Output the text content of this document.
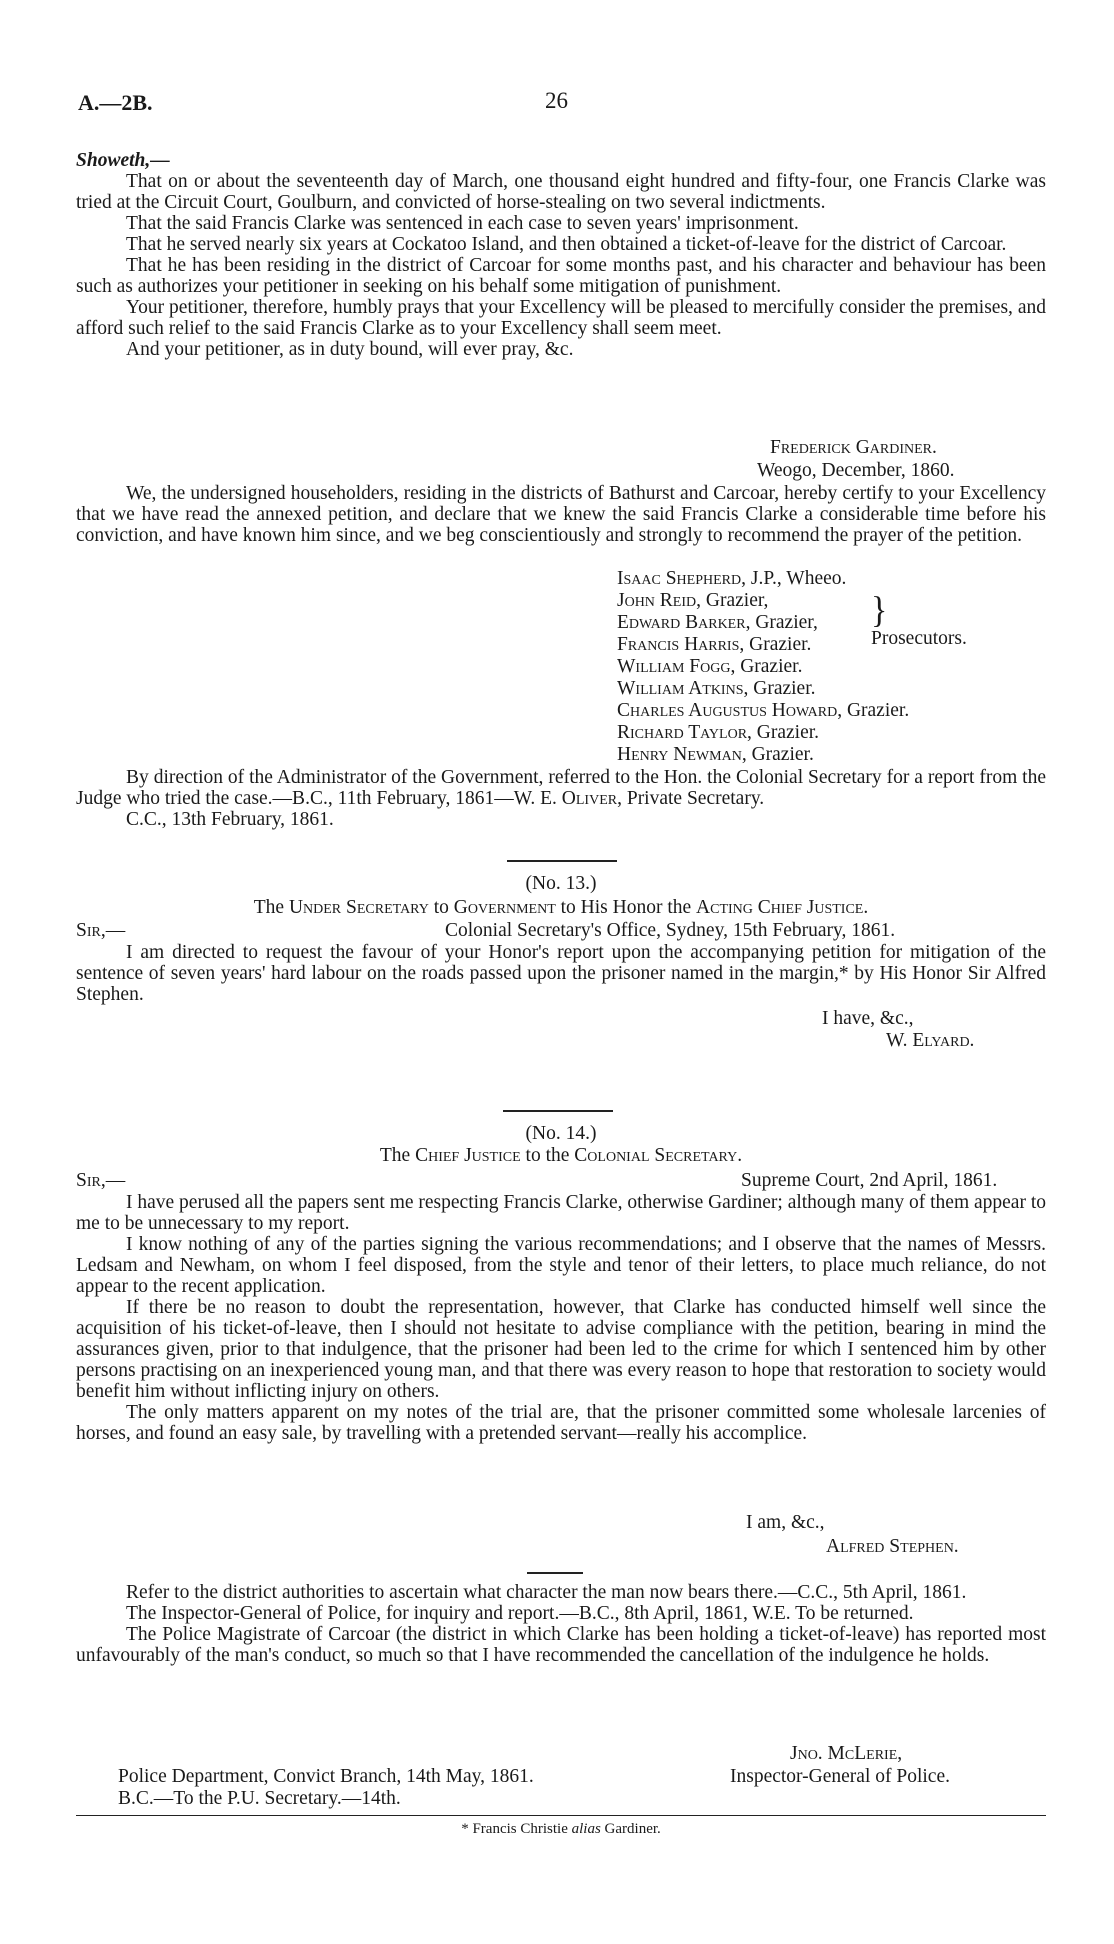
A.—2B.	26

Showeth,—

That on or about the seventeenth day of March, one thousand eight hundred and fifty-four, one Francis Clarke was tried at the Circuit Court, Goulburn, and convicted of horse-stealing on two several indictments.

That the said Francis Clarke was sentenced in each case to seven years' imprisonment.

That he served nearly six years at Cockatoo Island, and then obtained a ticket-of-leave for the district of Carcoar.

That he has been residing in the district of Carcoar for some months past, and his character and behaviour has been such as authorizes your petitioner in seeking on his behalf some mitigation of punishment.

Your petitioner, therefore, humbly prays that your Excellency will be pleased to mercifully consider the premises, and afford such relief to the said Francis Clarke as to your Excellency shall seem meet.

And your petitioner, as in duty bound, will ever pray, &c.

Frederick Gardiner.
Weogo, December, 1860.

We, the undersigned householders, residing in the districts of Bathurst and Carcoar, hereby certify to your Excellency that we have read the annexed petition, and declare that we knew the said Francis Clarke a considerable time before his conviction, and have known him since, and we beg conscientiously and strongly to recommend the prayer of the petition.

Isaac Shepherd, J.P., Wheeo.
John Reid, Grazier,
Edward Barker, Grazier,	} Prosecutors.
Francis Harris, Grazier.
William Fogg, Grazier.
William Atkins, Grazier.
Charles Augustus Howard, Grazier.
Richard Taylor, Grazier.
Henry Newman, Grazier.

By direction of the Administrator of the Government, referred to the Hon. the Colonial Secretary for a report from the Judge who tried the case.—B.C., 11th February, 1861—W. E. Oliver, Private Secretary.

C.C., 13th February, 1861.

(No. 13.)
The Under Secretary to Government to His Honor the Acting Chief Justice.
Sir,—	Colonial Secretary's Office, Sydney, 15th February, 1861.

I am directed to request the favour of your Honor's report upon the accompanying petition for mitigation of the sentence of seven years' hard labour on the roads passed upon the prisoner named in the margin,* by His Honor Sir Alfred Stephen.

I have, &c.,
W. Elyard.
(No. 14.)
The Chief Justice to the Colonial Secretary.
Sir,—	Supreme Court, 2nd April, 1861.

I have perused all the papers sent me respecting Francis Clarke, otherwise Gardiner; although many of them appear to me to be unnecessary to my report.

I know nothing of any of the parties signing the various recommendations; and I observe that the names of Messrs. Ledsam and Newham, on whom I feel disposed, from the style and tenor of their letters, to place much reliance, do not appear to the recent application.

If there be no reason to doubt the representation, however, that Clarke has conducted himself well since the acquisition of his ticket-of-leave, then I should not hesitate to advise compliance with the petition, bearing in mind the assurances given, prior to that indulgence, that the prisoner had been led to the crime for which I sentenced him by other persons practising on an inexperienced young man, and that there was every reason to hope that restoration to society would benefit him without inflicting injury on others.

The only matters apparent on my notes of the trial are, that the prisoner committed some wholesale larcenies of horses, and found an easy sale, by travelling with a pretended servant—really his accomplice.

I am, &c.,
Alfred Stephen.

Refer to the district authorities to ascertain what character the man now bears there.—C.C., 5th April, 1861.

The Inspector-General of Police, for inquiry and report.—B.C., 8th April, 1861, W.E. To be returned.

The Police Magistrate of Carcoar (the district in which Clarke has been holding a ticket-of-leave) has reported most unfavourably of the man's conduct, so much so that I have recommended the cancellation of the indulgence he holds.

Jno. McLerie,
Inspector-General of Police.
Police Department, Convict Branch, 14th May, 1861.
B.C.—To the P.U. Secretary.—14th.
* Francis Christie alias Gardiner.
